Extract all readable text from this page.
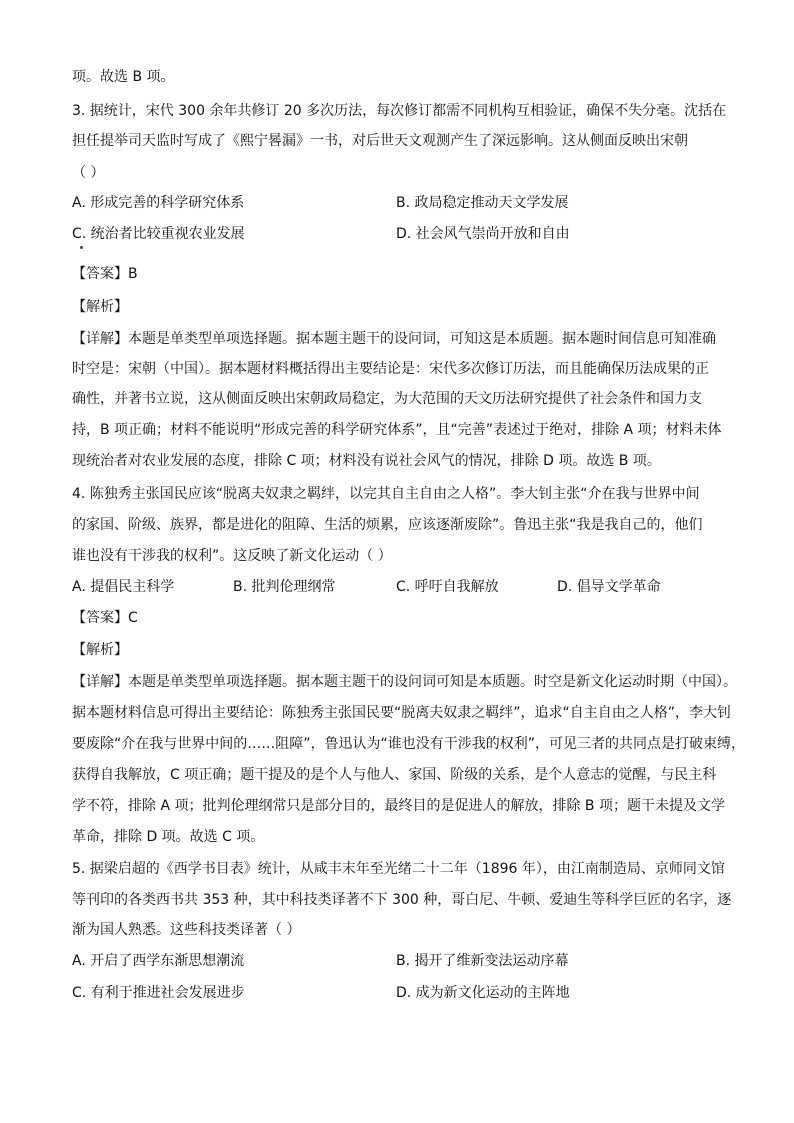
项。故选 B 项。
3. 据统计，宋代 300 余年共修订 20 多次历法，每次修订都需不同机构互相验证，确保不失分毫。沈括在
担任提举司天监时写成了《熙宁晷漏》一书，对后世天文观测产生了深远影响。这从侧面反映出宋朝
（ ）
A. 形成完善的科学研究体系	B. 政局稳定推动天文学发展
C. 统治者比较重视农业发展	D. 社会风气崇尚开放和自由
【答案】B
【解析】
【详解】本题是单类型单项选择题。据本题主题干的设问词，可知这是本质题。据本题时间信息可知准确
时空是：宋朝（中国）。据本题材料概括得出主要结论是：宋代多次修订历法，而且能确保历法成果的正
确性，并著书立说，这从侧面反映出宋朝政局稳定，为大范围的天文历法研究提供了社会条件和国力支
持，B 项正确；材料不能说明“形成完善的科学研究体系”，且“完善”表述过于绝对，排除 A 项；材料未体
现统治者对农业发展的态度，排除 C 项；材料没有说社会风气的情况，排除 D 项。故选 B 项。
4. 陈独秀主张国民应该“脱离夫奴隶之羁绊，以完其自主自由之人格”。李大钊主张“介在我与世界中间
的家国、阶级、族界，都是进化的阻障、生活的烦累，应该逐渐废除”。鲁迅主张“我是我自己的，他们
谁也没有干涉我的权利”。这反映了新文化运动（ ）
A. 提倡民主科学	B. 批判伦理纲常	C. 呼吁自我解放	D. 倡导文学革命
【答案】C
【解析】
【详解】本题是单类型单项选择题。据本题主题干的设问词可知是本质题。时空是新文化运动时期（中国）。
据本题材料信息可得出主要结论：陈独秀主张国民要“脱离夫奴隶之羁绊”，追求“自主自由之人格”，李大钊
要废除“介在我与世界中间的……阻障”，鲁迅认为“谁也没有干涉我的权利”，可见三者的共同点是打破束缚，
获得自我解放，C 项正确；题干提及的是个人与他人、家国、阶级的关系，是个人意志的觉醒，与民主科
学不符，排除 A 项；批判伦理纲常只是部分目的，最终目的是促进人的解放，排除 B 项；题干未提及文学
革命，排除 D 项。故选 C 项。
5. 据梁启超的《西学书目表》统计，从咸丰末年至光绪二十二年（1896 年），由江南制造局、京师同文馆
等刊印的各类西书共 353 种，其中科技类译著不下 300 种，哥白尼、牛顿、爱迪生等科学巨匠的名字，逐
渐为国人熟悉。这些科技类译著（ ）
A. 开启了西学东渐思想潮流	B. 揭开了维新变法运动序幕
C. 有利于推进社会发展进步	D. 成为新文化运动的主阵地
